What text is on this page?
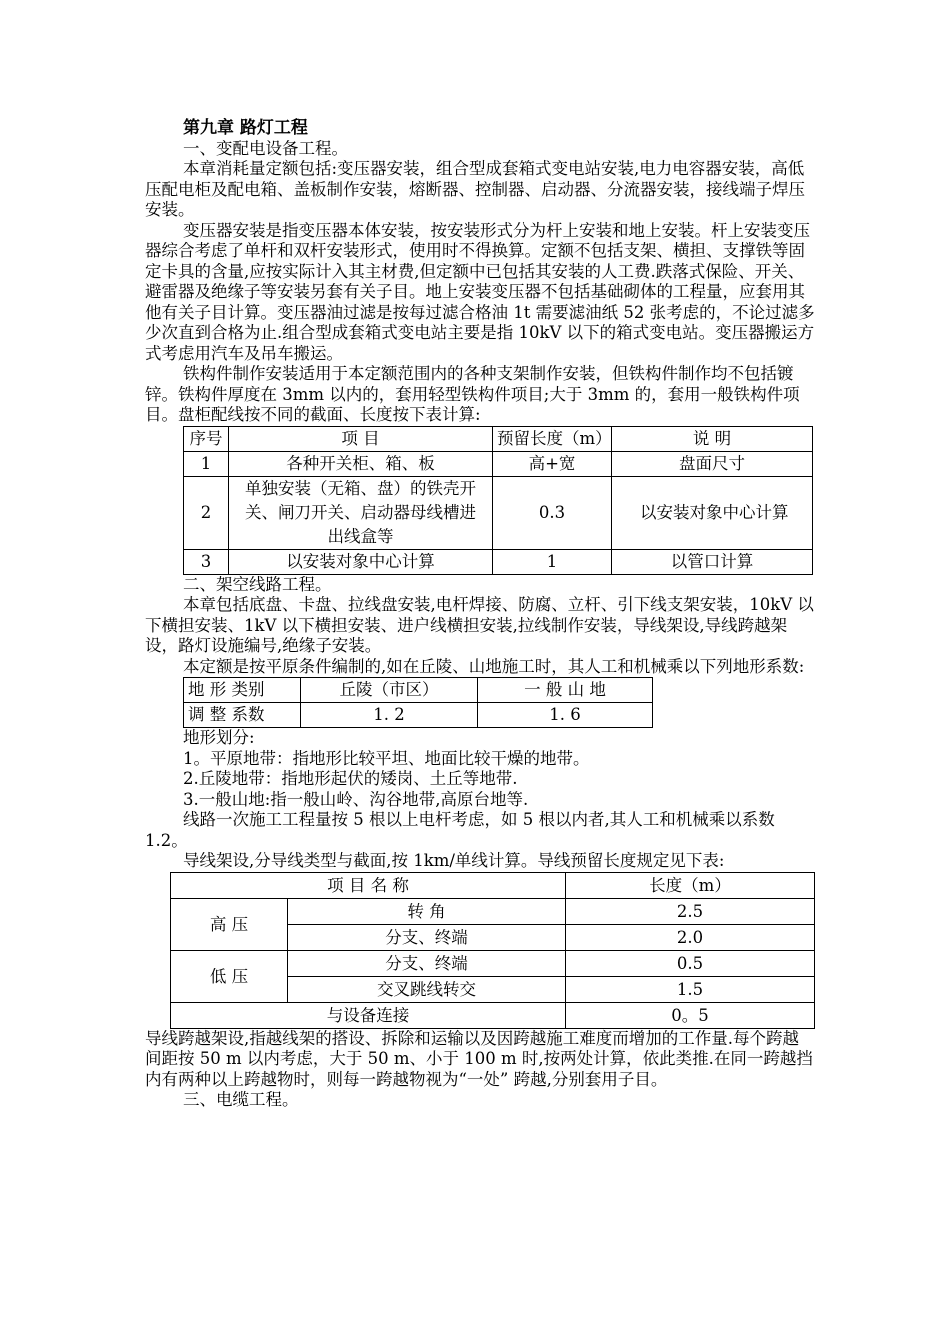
第九章 路灯工程

一、变配电设备工程。

本章消耗量定额包括:变压器安装，组合型成套箱式变电站安装,电力电容器安装，高低压配电柜及配电箱、盖板制作安装，熔断器、控制器、启动器、分流器安装，接线端子焊压安装。

变压器安装是指变压器本体安装，按安装形式分为杆上安装和地上安装。杆上安装变压器综合考虑了单杆和双杆安装形式，使用时不得换算。定额不包括支架、横担、支撑铁等固定卡具的含量,应按实际计入其主材费,但定额中已包括其安装的人工费.跌落式保险、开关、避雷器及绝缘子等安装另套有关子目。地上安装变压器不包括基础砌体的工程量，应套用其他有关子目计算。变压器油过滤是按每过滤合格油 1t 需要滤油纸 52 张考虑的，不论过滤多少次直到合格为止.组合型成套箱式变电站主要是指 10kV 以下的箱式变电站。变压器搬运方式考虑用汽车及吊车搬运。

铁构件制作安装适用于本定额范围内的各种支架制作安装，但铁构件制作均不包括镀锌。铁构件厚度在 3mm 以内的，套用轻型铁构件项目;大于 3mm 的，套用一般铁构件项目。盘柜配线按不同的截面、长度按下表计算:

序号	项 目	预留长度（m）	说 明
1	各种开关柜、箱、板	高+宽	盘面尺寸
2	单独安装（无箱、盘）的铁壳开关、闸刀开关、启动器母线槽进出线盒等	0.3	以安装对象中心计算
3	以安装对象中心计算	1	以管口计算

二、架空线路工程。

本章包括底盘、卡盘、拉线盘安装,电杆焊接、防腐、立杆、引下线支架安装，10kV 以下横担安装、1kV 以下横担安装、进户线横担安装,拉线制作安装，导线架设,导线跨越架设，路灯设施编号,绝缘子安装。

本定额是按平原条件编制的,如在丘陵、山地施工时，其人工和机械乘以下列地形系数:

地 形 类别	丘陵（市区）	一 般 山 地
调 整 系数	1. 2	1. 6

地形划分:

1。平原地带：指地形比较平坦、地面比较干燥的地带。

2.丘陵地带：指地形起伏的矮岗、土丘等地带.

3.一般山地:指一般山岭、沟谷地带,高原台地等.

线路一次施工工程量按 5 根以上电杆考虑，如 5 根以内者,其人工和机械乘以系数 1.2。

导线架设,分导线类型与截面,按 1km/单线计算。导线预留长度规定见下表:

项 目 名 称		长度（m）
高 压	转 角	2.5
	分支、终端	2.0
低 压	分支、终端	0.5
	交叉跳线转交	1.5
与设备连接		0。5

导线跨越架设,指越线架的搭设、拆除和运输以及因跨越施工难度而增加的工作量.每个跨越间距按 50 m 以内考虑，大于 50 m、小于 100 m 时,按两处计算，依此类推.在同一跨越挡内有两种以上跨越物时，则每一跨越物视为“一处” 跨越,分别套用子目。

三、电缆工程。
